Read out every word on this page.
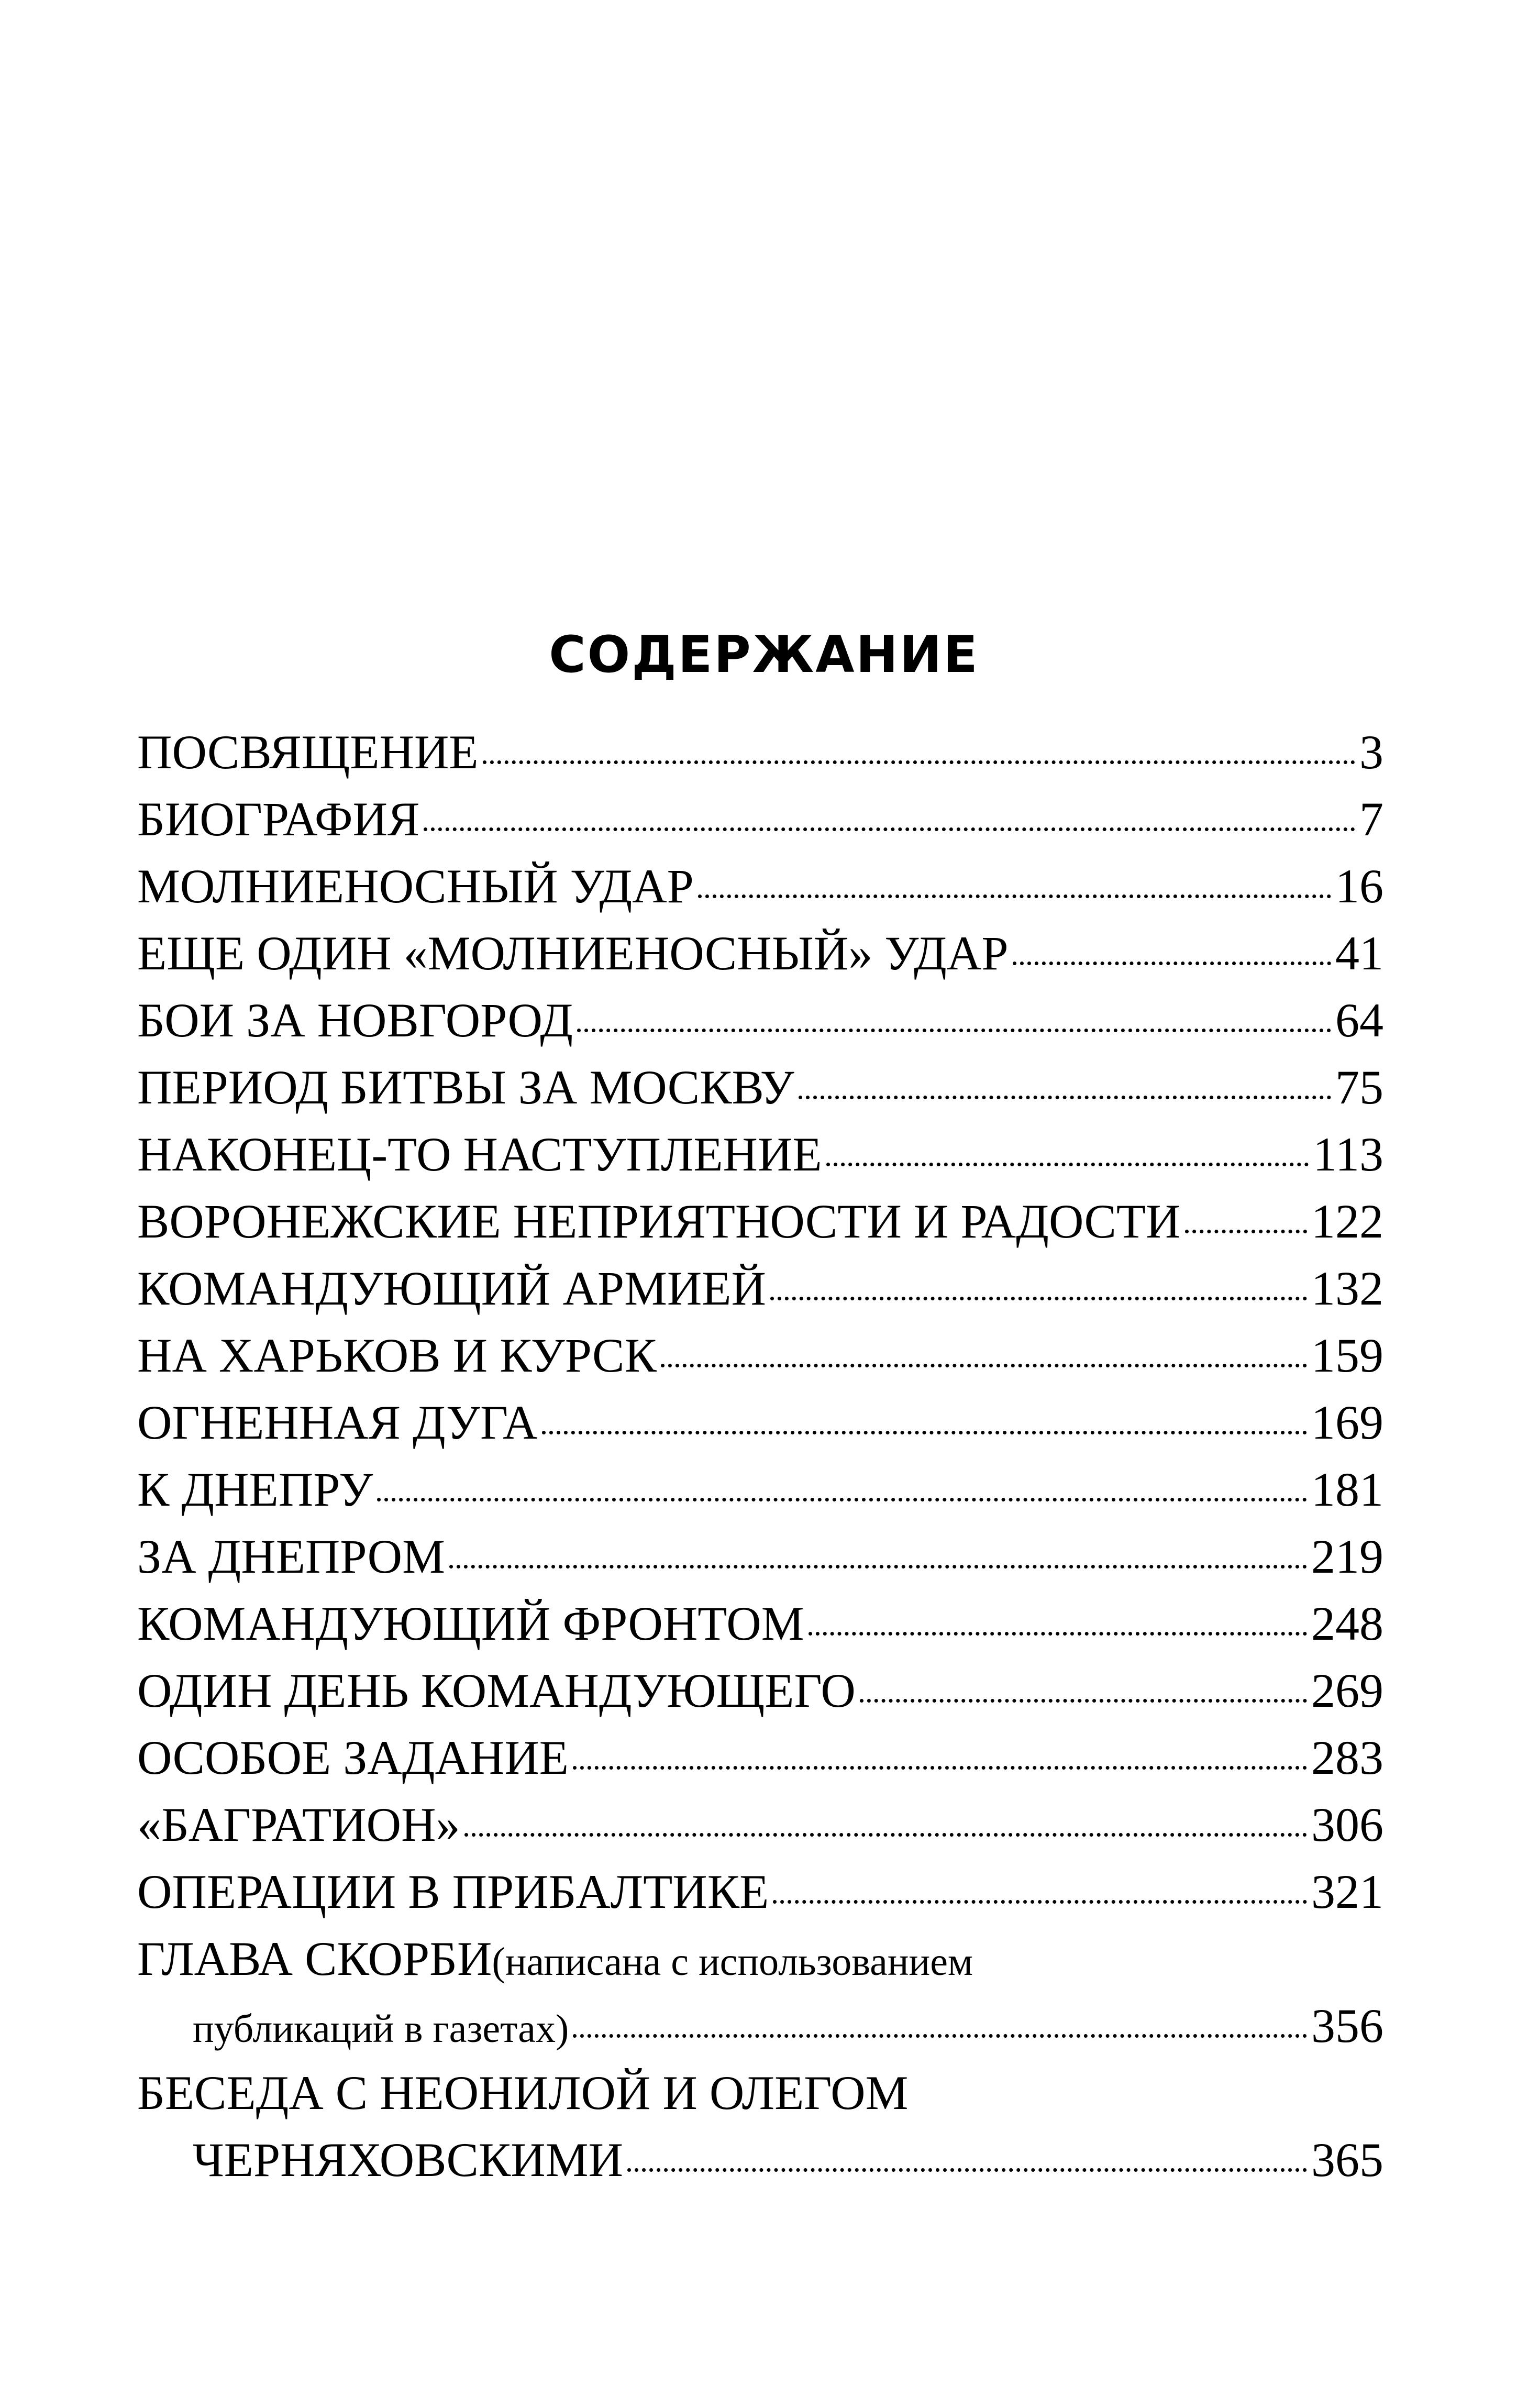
СОДЕРЖАНИЕ
ПОСВЯЩЕНИЕ	3
БИОГРАФИЯ	7
МОЛНИЕНОСНЫЙ УДАР	16
ЕЩЕ ОДИН «МОЛНИЕНОСНЫЙ» УДАР	41
БОИ ЗА НОВГОРОД	64
ПЕРИОД БИТВЫ ЗА МОСКВУ	75
НАКОНЕЦ-ТО НАСТУПЛЕНИЕ	113
ВОРОНЕЖСКИЕ НЕПРИЯТНОСТИ И РАДОСТИ	122
КОМАНДУЮЩИЙ АРМИЕЙ	132
НА ХАРЬКОВ И КУРСК	159
ОГНЕННАЯ ДУГА	169
К ДНЕПРУ	181
ЗА ДНЕПРОМ	219
КОМАНДУЮЩИЙ ФРОНТОМ	248
ОДИН ДЕНЬ КОМАНДУЮЩЕГО	269
ОСОБОЕ ЗАДАНИЕ	283
«БАГРАТИОН»	306
ОПЕРАЦИИ В ПРИБАЛТИКЕ	321
ГЛАВА СКОРБИ(написана с использованием
публикаций в газетах)	356
БЕСЕДА С НЕОНИЛОЙ И ОЛЕГОМ
ЧЕРНЯХОВСКИМИ	365
